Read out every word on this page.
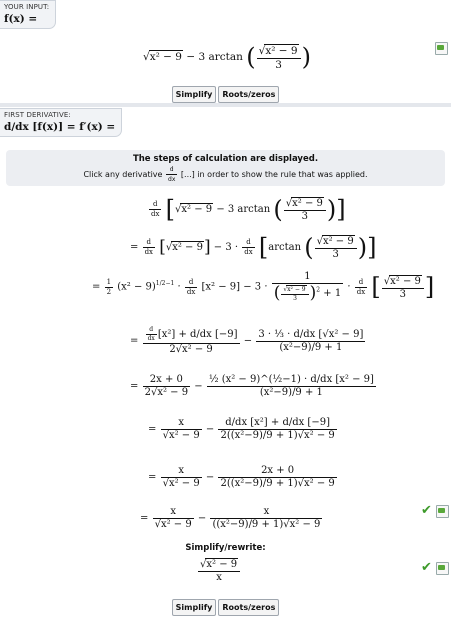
YOUR INPUT:
f(x) =
√x² − 9 − 3 arctan ( $\frac{\text{√x² − 9}}{3}$ )
Simplify Roots/zeros
FIRST DERIVATIVE:
d/dx [f(x)] = f′(x) =
The steps of calculation are displayed.
Click any derivative $\frac{d}{dx}$ [...] in order to show the rule that was applied.
$\frac{d}{dx} [√x^2 - 9 - 3$ arctan ( $\frac{\text{√x² − 9}}{3}$ )]
= $\frac{d}{dx} [√x^2 - 9] - 3 \cdot \frac{d}{dx} [\arctan$ ( $\frac{\text{√x² − 9}}{3}$ )]
= $\frac{1}{2} (x^2 - 9)^{1/2-1} \cdot \frac{d}{dx} [x^2 - 9] - 3 \cdot \frac{1}{( \frac{\text{√x² − 9}}{3} )^2 + 1} \cdot \frac{d}{dx}$ [ $\frac{\text{√x² − 9}}{3}$ ]
= $\frac{\frac{d}{dx} [x^2] + d/dx [-9]}{\text{2√x² − 9}} - \frac{\text{3 · ⅓ · d/dx [√x² − 9]}}{\text{(x²−9)/9 + 1}}$
= $\frac{2x + 0}{\text{2√x² − 9}} - \frac{\text{½ (x² − 9)\textasciicircum{}(½−1) · d/dx [x² − 9]}}{\text{(x²−9)/9 + 1}}$
= $\frac{x}{\text{√x² − 9}} - \frac{\text{d/dx [x²] + d/dx [−9]}}{\text{2((x²−9)/9 + 1)√x² − 9}}$
= $\frac{x}{\text{√x² − 9}} - \frac{2x + 0}{\text{2((x²−9)/9 + 1)√x² − 9}}$
= $\frac{x}{\text{√x² − 9}} - \frac{x}{\text{((x²−9)/9 + 1)√x² − 9}}$	✔
Simplify/rewrite:
$\frac{\text{√x² − 9}}{x}$	✔
Simplify Roots/zeros
